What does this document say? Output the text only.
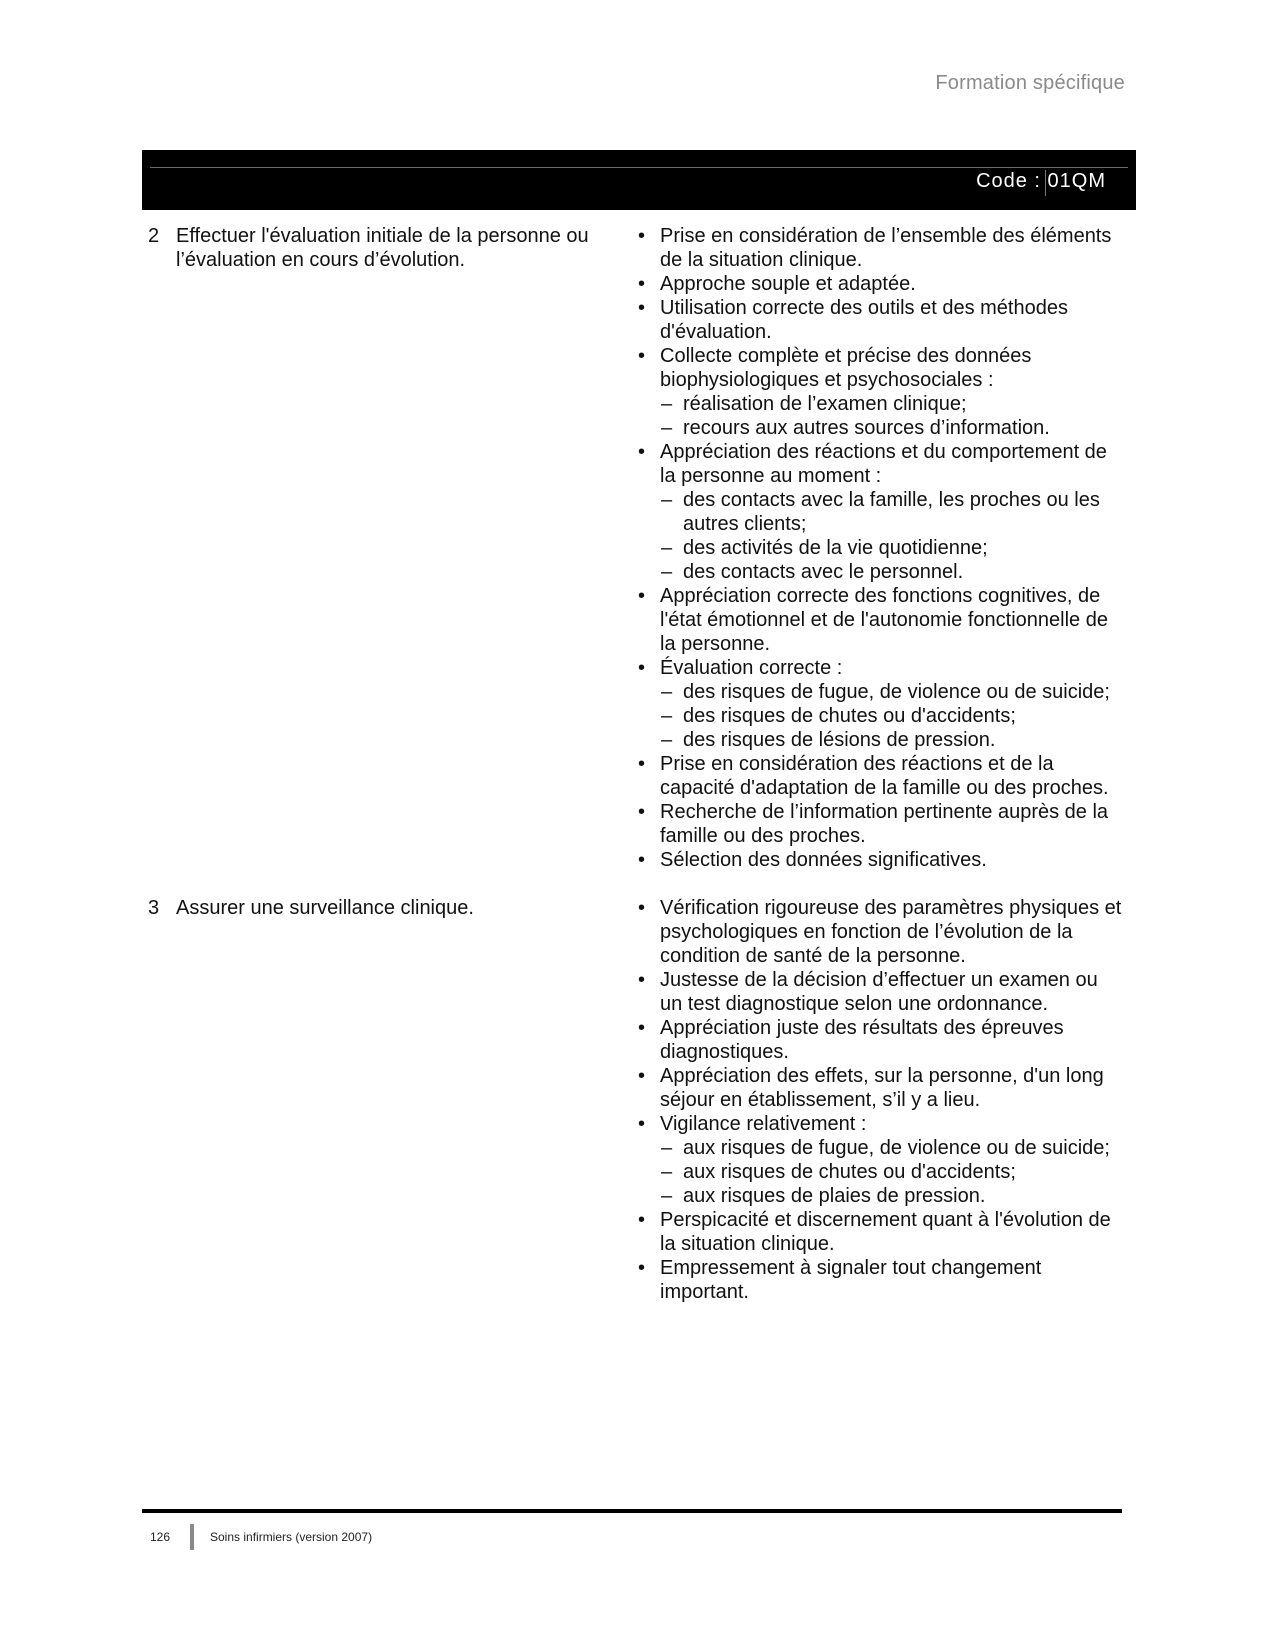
Formation spécifique
Code : 01QM
2 Effectuer l'évaluation initiale de la personne ou l’évaluation en cours d’évolution.
• Prise en considération de l’ensemble des éléments de la situation clinique.
• Approche souple et adaptée.
• Utilisation correcte des outils et des méthodes d'évaluation.
• Collecte complète et précise des données biophysiologiques et psychosociales :
– réalisation de l’examen clinique;
– recours aux autres sources d’information.
• Appréciation des réactions et du comportement de la personne au moment :
– des contacts avec la famille, les proches ou les autres clients;
– des activités de la vie quotidienne;
– des contacts avec le personnel.
• Appréciation correcte des fonctions cognitives, de l'état émotionnel et de l'autonomie fonctionnelle de la personne.
• Évaluation correcte :
– des risques de fugue, de violence ou de suicide;
– des risques de chutes ou d'accidents;
– des risques de lésions de pression.
• Prise en considération des réactions et de la capacité d'adaptation de la famille ou des proches.
• Recherche de l’information pertinente auprès de la famille ou des proches.
• Sélection des données significatives.
3 Assurer une surveillance clinique.
•	Vérification rigoureuse des paramètres physiques et psychologiques en fonction de l’évolution de la condition de santé de la personne.
• Justesse de la décision d’effectuer un examen ou un test diagnostique selon une ordonnance.
• Appréciation juste des résultats des épreuves diagnostiques.
• Appréciation des effets, sur la personne, d'un long séjour en établissement, s’il y a lieu.
• Vigilance relativement :
– aux risques de fugue, de violence ou de suicide;
– aux risques de chutes ou d'accidents;
– aux risques de plaies de pression.
• Perspicacité et discernement quant à l'évolution de la situation clinique.
• Empressement à signaler tout changement important.
126	Soins infirmiers (version 2007)
